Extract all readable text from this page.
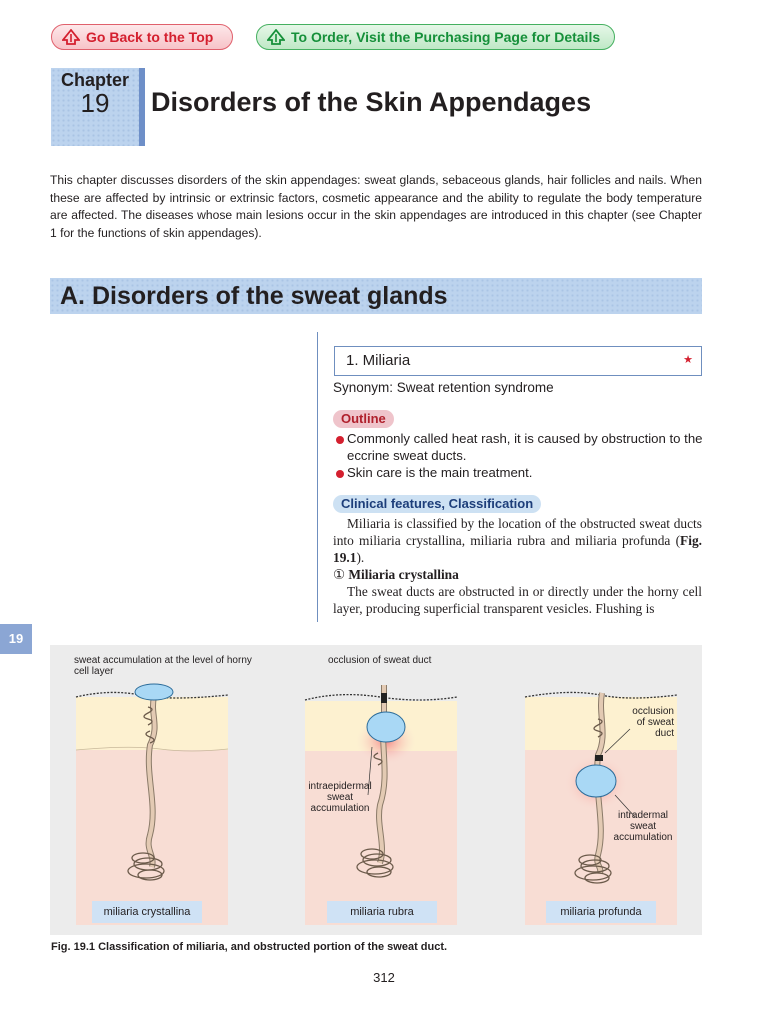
Go Back to the Top	To Order, Visit the Purchasing Page for Details
Chapter
19	Disorders of the Skin Appendages
This chapter discusses disorders of the skin appendages: sweat glands, sebaceous glands, hair follicles and nails. When these are affected by intrinsic or extrinsic factors, cosmetic appearance and the ability to regulate the body temperature are affected. The diseases whose main lesions occur in the skin appendages are introduced in this chapter (see Chapter 1 for the functions of skin appendages).
A. Disorders of the sweat glands
1. Miliaria	★
Synonym: Sweat retention syndrome
Outline
Commonly called heat rash, it is caused by obstruction to the eccrine sweat ducts.
Skin care is the main treatment.
Clinical features, Classification

Miliaria is classified by the location of the obstructed sweat ducts into miliaria crystallina, miliaria rubra and miliaria profunda (Fig. 19.1).

① Miliaria crystallina

The sweat ducts are obstructed in or directly under the horny cell layer, producing superficial transparent vesicles. Flushing is

19
sweat accumulation at the level of horny cell layer
occlusion of sweat duct
intraepidermal sweat accumulation
occlusion of sweat duct
intradermal sweat accumulation
miliaria crystallina	miliaria rubra	miliaria profunda
Fig. 19.1 Classification of miliaria, and obstructed portion of the sweat duct.
312
